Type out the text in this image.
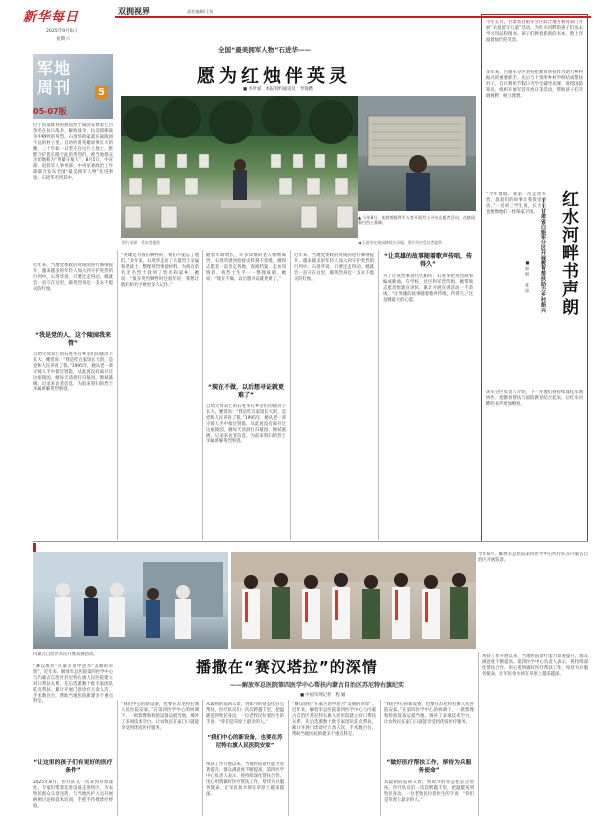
新华每日
2025年9月6日
星期六
军地周刊	5
05-07版
双拥视界	责任编辑/王恒
全国“最美拥军人物”石进华——
愿为红烛伴英灵
■ 李叶斌　本报特约通讯员　寿锦燃
▲ 今年8月，连续着眼背军人等开展烈士寻亲志愿者活动，在陵园祭扫烈士墓碑。
◀ 石进华在陵园擦拭名录墙。照片均由受访者提供
照片来源：受访者提供
位于河南辉县的燕南烈士陵园安葬着七百余名在抗日战争、解放战争、抗美援朝战争中牺牲的英烈。石进华的家就在离陵园不远的村子里。自幼听着英雄故事长大的她，三十年如一日坚守在这片土地上，默默守护着长眠于此的英烈们，被当地群众亲切地称为“英雄守墓人”。8月5日，中宣部、退役军人事务部、中央军委政治工作部联合发布全国“最美拥军人物”先进事迹，石进华名列其中。
近年来，当地党委政府对陵园进行修缮提升，越来越多的年轻人加入到守护英烈的行列中。石进华说，只要还走得动，她就会一直守在这里，做英烈身边一支永不熄灭的红烛。
“我是党的人，这个陵园我来管”
自幼父母双亡的石进华在乡亲们的接济下长大。她常说：“我是吃百家饭长大的，是党和人民养育了我。”1995年，她从老一辈守陵人手中接过钥匙，从此再没有离开过这座陵园。她每天清晨打扫墓园、擦拭墓碑，记录来访者信息，为前来祭扫的烈士亲属讲解英烈事迹。
“英雄是为我们牺牲的，我们不能忘了他们。”多年来，石进华走访了大量烈士亲属和老战士，整理英烈事迹材料，为两百余名无名烈士找到了姓名和家乡。她说：“很多英烈牺牲时还很年轻，我想让他们的名字被更多人记住。”
随着年龄增长，许多知情的老人相继离世，石进华感到抢救史料刻不容缓。她和志愿者一起奔走各地，查阅档案、走访知情者，将烈士生平一一整理成册。她说：“现在不做，以后想寻证就更难了。”
“现在不做，以后想寻证就更难了”
自幼父母双亡的石进华在乡亲们的接济下长大。她常说：“我是吃百家饭长大的，是党和人民养育了我。”1995年，她从老一辈守陵人手中接过钥匙，从此再没有离开过这座陵园。她每天清晨打扫墓园、擦拭墓碑，记录来访者信息，为前来祭扫的烈士亲属讲解英烈事迹。
近年来，当地党委政府对陵园进行修缮提升，越来越多的年轻人加入到守护英烈的行列中。石进华说，只要还走得动，她就会一直守在这里，做英烈身边一支永不熄灭的红烛。
“让英雄的故事随着歌声传唱，传得久”
为了让英烈事迹代代相传，石进华把英烈故事编成歌曲，在学校、社区和军营传唱。她带领志愿者组建宣讲队，累计开展宣讲活动一千余场。“让英雄的故事随着歌声传唱，传得久。”这是她最大的心愿。
今年五月，甘肃省白银军分区联合地方教育部门开展“关爱留守儿童”活动，为红水河畔的孩子们送去学习用品和图书。孩子们捧着崭新的书本，脸上洋溢着灿烂的笑容。
多年来，白银军分区坚持把教育帮扶作为助力乡村振兴的重要抓手，先后与十余所乡村学校结成帮扶对子，官兵利用节假日为学生辅导功课、讲授国防知识，组织开展军营开放日等活动，帮助孩子们开阔视野、树立理想。
“今年暑假，我第一次走进军营，叔叔们的故事让我很受感动。”一名初三学生说，长大后也要像他们一样保家卫国。	红水河畔书声朗
——甘肃省白银军分区开展教育帮扶助力乡村振兴
■ 郭 雨 　 张 涛
该军分区负责人介绍，下一步他们将持续深化军地协作，把教育帮扶与国防教育结合起来，让红水河畔的书声更加嘹亮。
内蒙古自治区军民开展双拥活动。
今年8月，解放军总医院第四医学中心医疗队在内蒙古自治区开展巡诊。
播撒在“赛汉塔拉”的深情
——解放军总医院第四医学中心帮扶内蒙古自治区苏尼特右旗纪实
■ 中国军网记者　程 颖
“赛汉塔拉”在蒙古语中意为“美丽的草原”。近年来，解放军总医院第四医学中心与内蒙古自治区苏尼特右旗人民医院建立对口帮扶关系，先后选派数十批专家团队驻点帮扶，累计开展门诊诊疗万余人次、手术数百台，帮助当地医院新建多个重点科室。
“让这里的孩子们有更好的医疗条件”
2025年8月，医疗队又一次来到草原深处。专家们带着先进设备走进牧区，为农牧民群众义诊送药，与当地医护人员开展病例讨论和技术培训，手把手传授诊疗经验。
“我们中心的新设备，也要在苏尼特右旗人民医院安家。”在第四医学中心的协调下，一批影像和检验设备运抵当地，填补了多项技术空白，让农牧民在家门口就能享受到优质医疗服务。
从最初的巡回义诊，到如今的常态化驻点帮扶，医疗队员们一次次跨越千里，把温暖送到牧民身边。一位老牧民拉着医生的手说：“你们是草原上最亲的人。”
“我们中心的新设备，也要在苏尼特右旗人民医院安家”
帮扶工作开展以来，当地医院诊疗能力显著提升，群众满意度不断提高。第四医学中心负责人表示，将持续深化帮扶合作，用心用情做好医疗帮扶工作，厚待为兵服务使命，让军民鱼水情在草原上越来越深。
“赛汉塔拉”在蒙古语中意为“美丽的草原”。近年来，解放军总医院第四医学中心与内蒙古自治区苏尼特右旗人民医院建立对口帮扶关系，先后选派数十批专家团队驻点帮扶，累计开展门诊诊疗万余人次、手术数百台，帮助当地医院新建多个重点科室。
“我们中心的新设备，也要在苏尼特右旗人民医院安家。”在第四医学中心的协调下，一批影像和检验设备运抵当地，填补了多项技术空白，让农牧民在家门口就能享受到优质医疗服务。
“做好医疗帮扶工作，厚待为兵服务使命”
从最初的巡回义诊，到如今的常态化驻点帮扶，医疗队员们一次次跨越千里，把温暖送到牧民身边。一位老牧民拉着医生的手说：“你们是草原上最亲的人。”
帮扶工作开展以来，当地医院诊疗能力显著提升，群众满意度不断提高。第四医学中心负责人表示，将持续深化帮扶合作，用心用情做好医疗帮扶工作，厚待为兵服务使命，让军民鱼水情在草原上越来越深。
